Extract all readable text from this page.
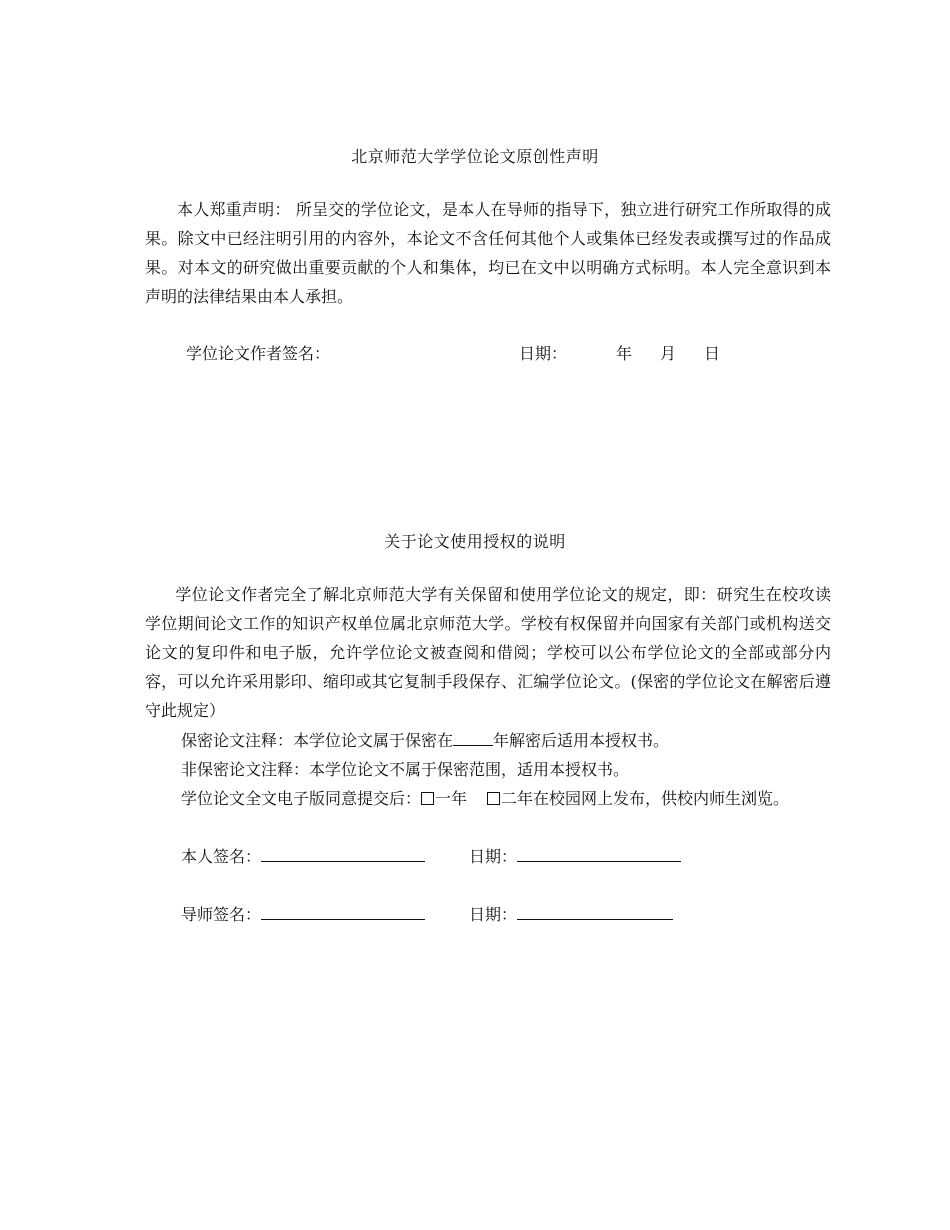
北京师范大学学位论文原创性声明

本人郑重声明： 所呈交的学位论文，是本人在导师的指导下，独立进行研究工作所取得的成果。除文中已经注明引用的内容外，本论文不含任何其他个人或集体已经发表或撰写过的作品成果。对本文的研究做出重要贡献的个人和集体，均已在文中以明确方式标明。本人完全意识到本声明的法律结果由本人承担。

学位论文作者签名：	日期：	年 月 日
关于论文使用授权的说明

学位论文作者完全了解北京师范大学有关保留和使用学位论文的规定，即：研究生在校攻读学位期间论文工作的知识产权单位属北京师范大学。学校有权保留并向国家有关部门或机构送交论文的复印件和电子版，允许学位论文被查阅和借阅；学校可以公布学位论文的全部或部分内容，可以允许采用影印、缩印或其它复制手段保存、汇编学位论文。(保密的学位论文在解密后遵守此规定）

保密论文注释：本学位论文属于保密在	年解密后适用本授权书。
非保密论文注释：本学位论文不属于保密范围，适用本授权书。
学位论文全文电子版同意提交后： 一年 二年在校园网上发布，供校内师生浏览。
本人签名：	日期：
导师签名：	日期：
